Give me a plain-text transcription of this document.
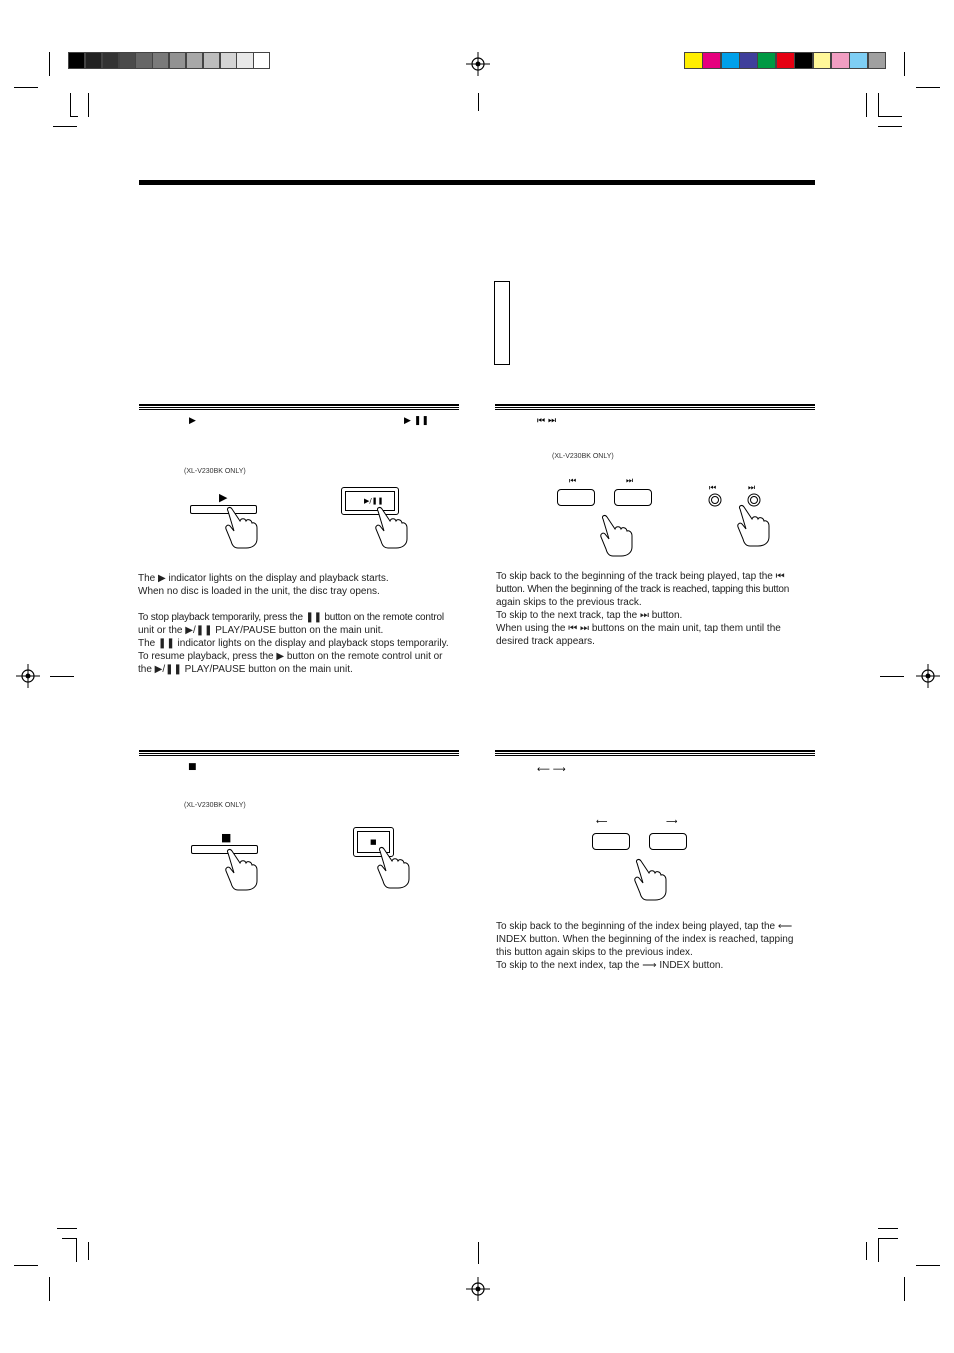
▶	▶ ❚❚
(XL-V230BK ONLY)
▶	▶/❚❚
The ▶ indicator lights on the display and playback starts.
When no disc is loaded in the unit, the disc tray opens.
To stop playback temporarily, press the ❚❚ button on the remote control
unit or the ▶/❚❚ PLAY/PAUSE button on the main unit.
The ❚❚ indicator lights on the display and playback stops temporarily.
To resume playback, press the ▶ button on the remote control unit or
the ▶/❚❚ PLAY/PAUSE button on the main unit.
⏮ ⏭
(XL-V230BK ONLY)
⏮	⏭
⏮	⏭
To skip back to the beginning of the track being played, tap the ⏮
button. When the beginning of the track is reached, tapping this button
again skips to the previous track.
To skip to the next track, tap the ⏭ button.
When using the ⏮ ⏭ buttons on the main unit, tap them until the
desired track appears.
■
(XL-V230BK ONLY)
■	■
⟵ ⟶
⟵	⟶
To skip back to the beginning of the index being played, tap the ⟵
INDEX button. When the beginning of the index is reached, tapping
this button again skips to the previous index.
To skip to the next index, tap the ⟶ INDEX button.
